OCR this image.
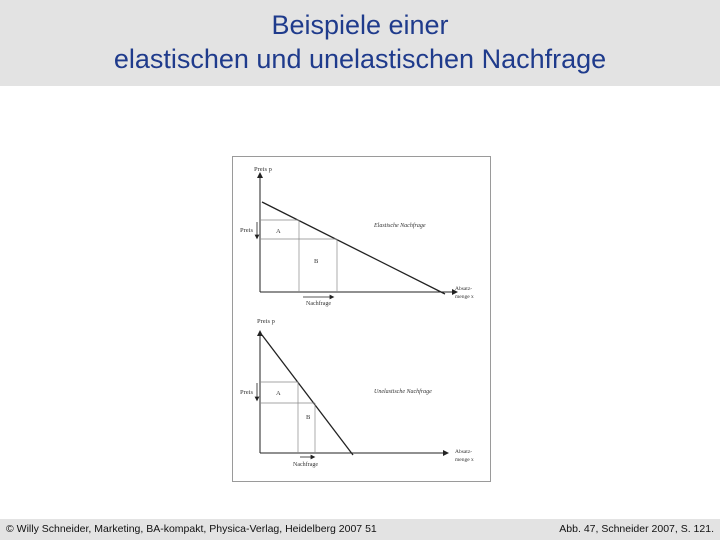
Beispiele einer
elastischen und unelastischen Nachfrage
Preis p
Preis	A
B
Elastische Nachfrage
Absatz-
menge x
Nachfrage
Preis p
Preis	A
B
Unelastische Nachfrage
Absatz-
menge x
Nachfrage
© Willy Schneider, Marketing, BA-kompakt, Physica-Verlag, Heidelberg 2007 51	Abb. 47, Schneider 2007, S. 121.
